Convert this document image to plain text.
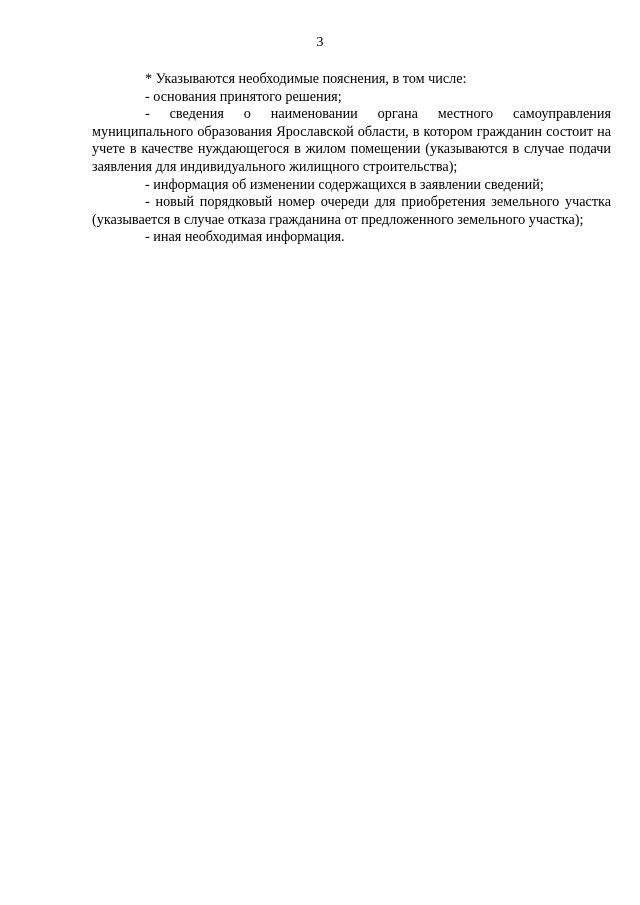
3

* Указываются необходимые пояснения, в том числе:

- основания принятого решения;

- сведения о наименовании органа местного самоуправления муниципального образования Ярославской области, в котором гражданин состоит на учете в качестве нуждающегося в жилом помещении (указываются в случае подачи заявления для индивидуального жилищного строительства);

- информация об изменении содержащихся в заявлении сведений;

- новый порядковый номер очереди для приобретения земельного участка (указывается в случае отказа гражданина от предложенного земельного участка);

- иная необходимая информация.
